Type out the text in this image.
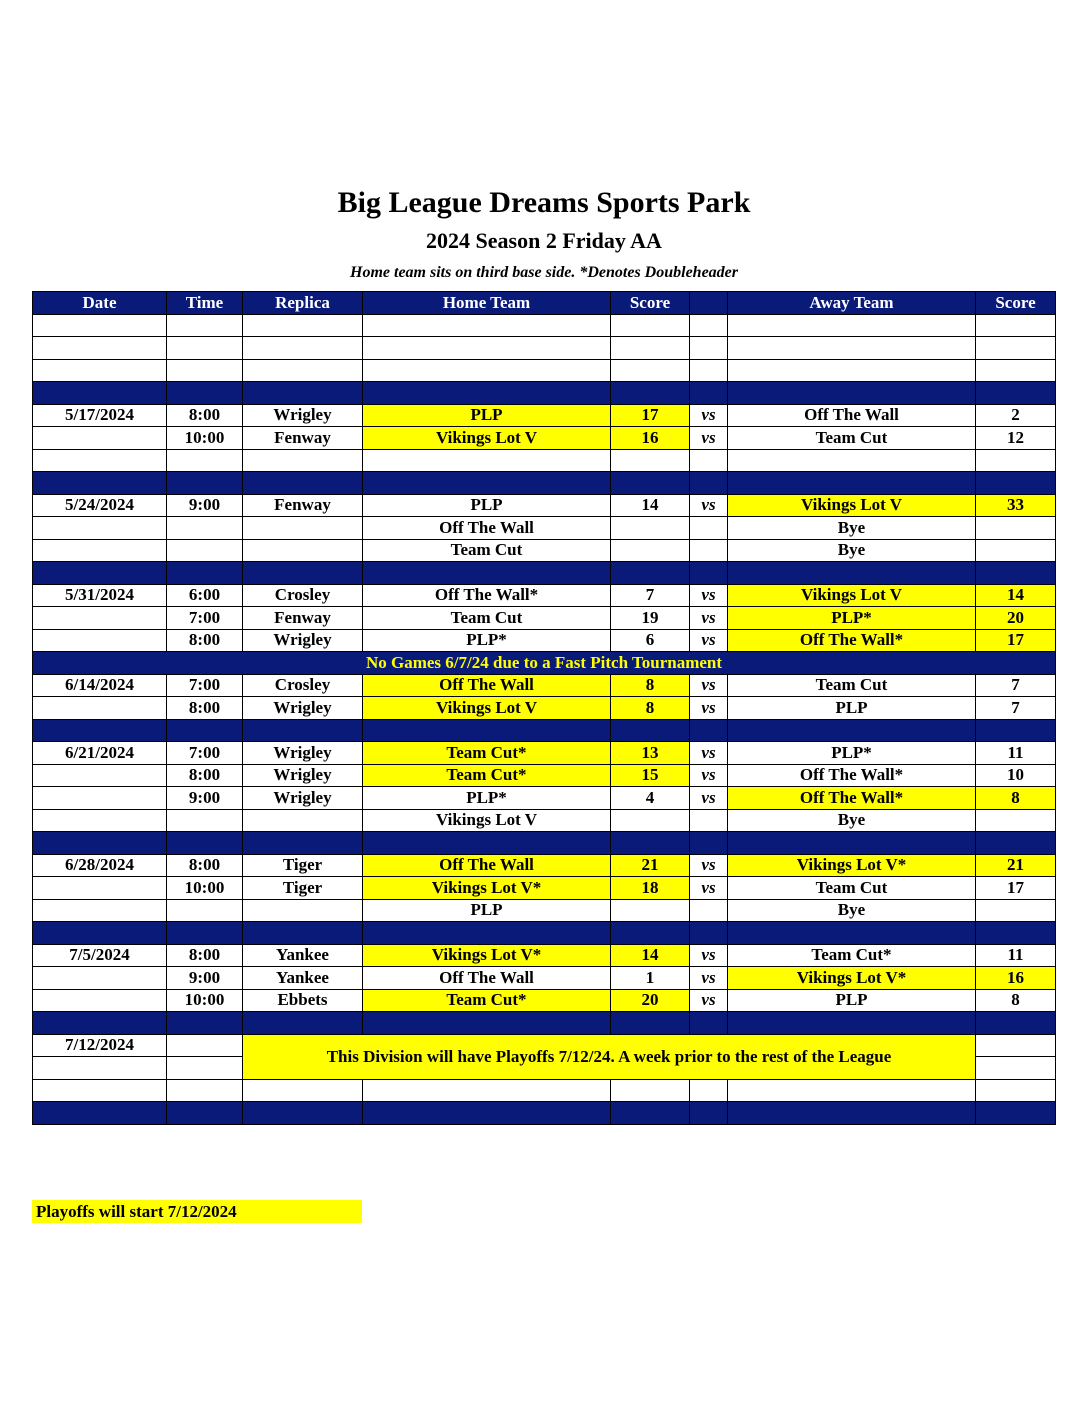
Big League Dreams Sports Park
2024 Season 2 Friday AA
Home team sits on third base side. *Denotes Doubleheader
Date	Time	Replica	Home Team	Score		Away Team	Score

5/17/2024	8:00	Wrigley	PLP	17	vs	Off The Wall	2
	10:00	Fenway	Vikings Lot V	16	vs	Team Cut	12

5/24/2024	9:00	Fenway	PLP	14	vs	Vikings Lot V	33
			Off The Wall			Bye	
			Team Cut			Bye	

5/31/2024	6:00	Crosley	Off The Wall*	7	vs	Vikings Lot V	14
	7:00	Fenway	Team Cut	19	vs	PLP*	20
	8:00	Wrigley	PLP*	6	vs	Off The Wall*	17
No Games 6/7/24 due to a Fast Pitch Tournament							
6/14/2024	7:00	Crosley	Off The Wall	8	vs	Team Cut	7
	8:00	Wrigley	Vikings Lot V	8	vs	PLP	7

6/21/2024	7:00	Wrigley	Team Cut*	13	vs	PLP*	11
	8:00	Wrigley	Team Cut*	15	vs	Off The Wall*	10
	9:00	Wrigley	PLP*	4	vs	Off The Wall*	8
			Vikings Lot V			Bye	

6/28/2024	8:00	Tiger	Off The Wall	21	vs	Vikings Lot V*	21
	10:00	Tiger	Vikings Lot V*	18	vs	Team Cut	17
			PLP			Bye	

7/5/2024	8:00	Yankee	Vikings Lot V*	14	vs	Team Cut*	11
	9:00	Yankee	Off The Wall	1	vs	Vikings Lot V*	16
	10:00	Ebbets	Team Cut*	20	vs	PLP	8

7/12/2024		This Division will have Playoffs 7/12/24. A week prior to the rest of the League					

Playoffs will start 7/12/2024
